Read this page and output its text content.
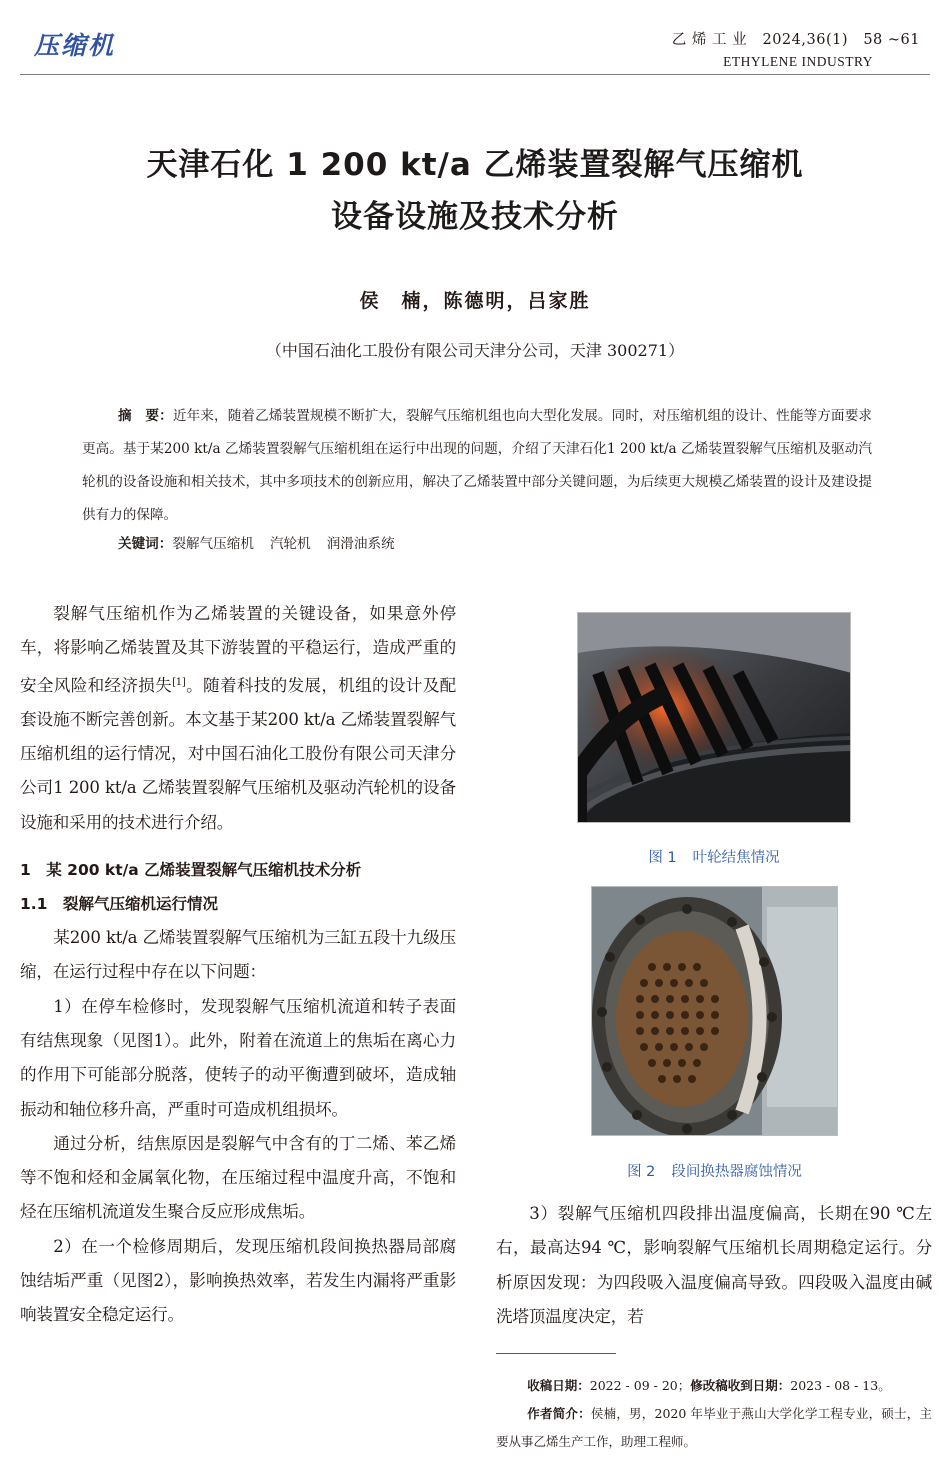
压缩机	乙 烯 工 业 2024,36(1) 58 ~61
ETHYLENE INDUSTRY
天津石化 1 200 kt/a 乙烯装置裂解气压缩机
设备设施及技术分析
侯　楠，陈德明，吕家胜
（中国石油化工股份有限公司天津分公司，天津 300271）
摘　要：近年来，随着乙烯装置规模不断扩大，裂解气压缩机组也向大型化发展。同时，对压缩机组的设计、性能等方面要求更高。基于某200 kt/a 乙烯装置裂解气压缩机组在运行中出现的问题，介绍了天津石化1 200 kt/a 乙烯装置裂解气压缩机及驱动汽轮机的设备设施和相关技术，其中多项技术的创新应用，解决了乙烯装置中部分关键问题，为后续更大规模乙烯装置的设计及建设提供有力的保障。
关键词：裂解气压缩机 汽轮机 润滑油系统

裂解气压缩机作为乙烯装置的关键设备，如果意外停车，将影响乙烯装置及其下游装置的平稳运行，造成严重的安全风险和经济损失[1]。随着科技的发展，机组的设计及配套设施不断完善创新。本文基于某200 kt/a 乙烯装置裂解气压缩机组的运行情况，对中国石油化工股份有限公司天津分公司1 200 kt/a 乙烯装置裂解气压缩机及驱动汽轮机的设备设施和采用的技术进行介绍。

1　某 200 kt/a 乙烯装置裂解气压缩机技术分析
1.1　裂解气压缩机运行情况

某200 kt/a 乙烯装置裂解气压缩机为三缸五段十九级压缩，在运行过程中存在以下问题：

1）在停车检修时，发现裂解气压缩机流道和转子表面有结焦现象（见图1）。此外，附着在流道上的焦垢在离心力的作用下可能部分脱落，使转子的动平衡遭到破坏，造成轴振动和轴位移升高，严重时可造成机组损坏。

通过分析，结焦原因是裂解气中含有的丁二烯、苯乙烯等不饱和烃和金属氧化物，在压缩过程中温度升高，不饱和烃在压缩机流道发生聚合反应形成焦垢。

2）在一个检修周期后，发现压缩机段间换热器局部腐蚀结垢严重（见图2），影响换热效率，若发生内漏将严重影响装置安全稳定运行。

图 1 叶轮结焦情况
图 2 段间换热器腐蚀情况

3）裂解气压缩机四段排出温度偏高，长期在90 ℃左右，最高达94 ℃，影响裂解气压缩机长周期稳定运行。分析原因发现：为四段吸入温度偏高导致。四段吸入温度由碱洗塔顶温度决定，若

收稿日期：2022 - 09 - 20；修改稿收到日期：2023 - 08 - 13。
作者简介：侯楠，男，2020 年毕业于燕山大学化学工程专业，硕士，主要从事乙烯生产工作，助理工程师。
